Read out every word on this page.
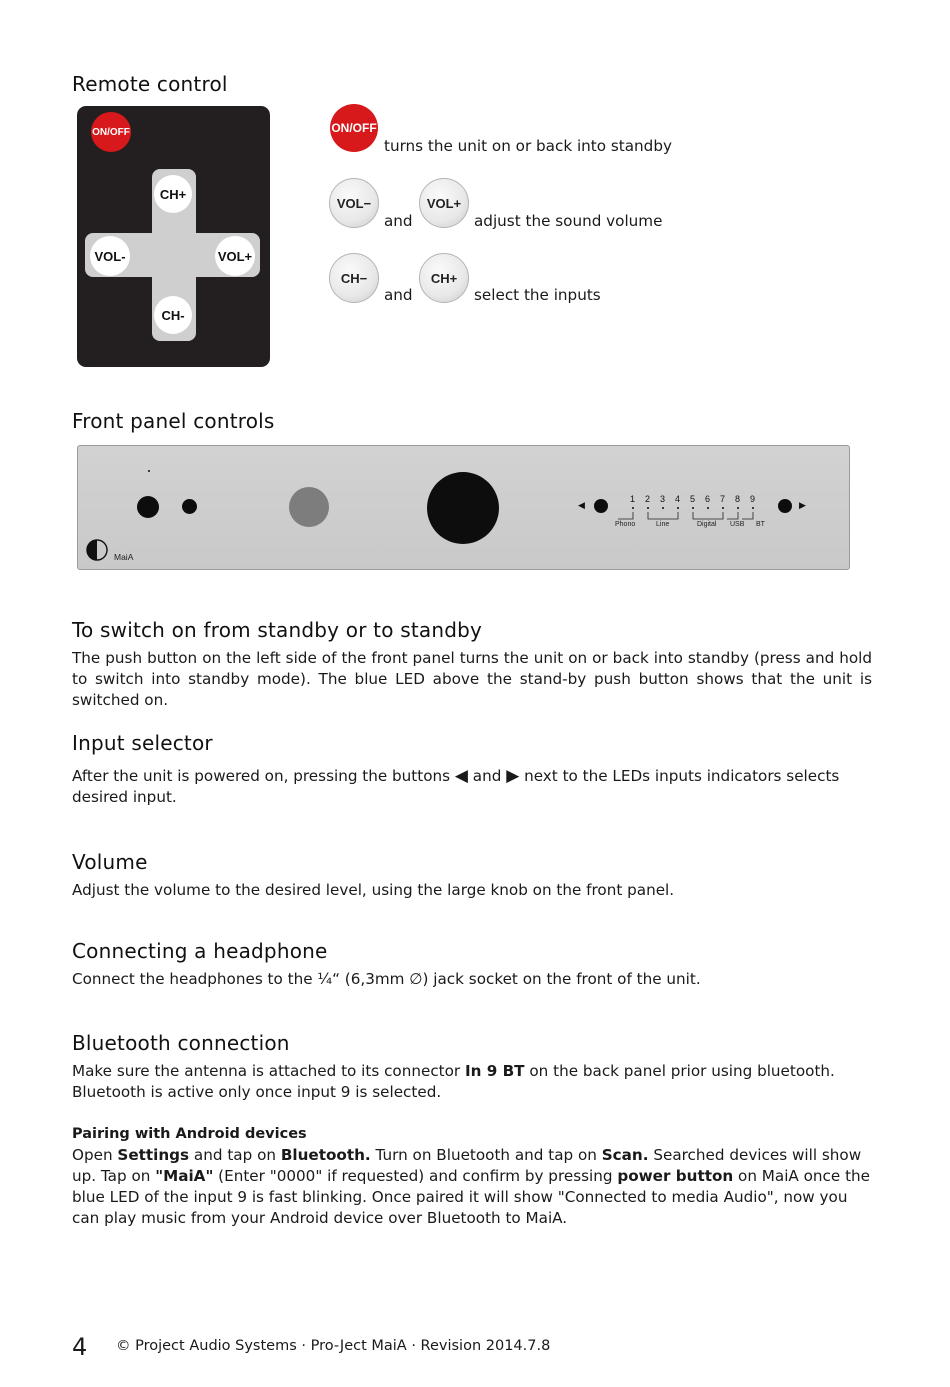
Remote control
ON/OFF
CH+
CH-
VOL-	VOL+
ON/OFF
turns the unit on or back into standby
VOL−
and
VOL+
adjust the sound volume
CH−
and
CH+
select the inputs
Front panel controls
◀	▶
1 2 3 4 5 6 7 8 9
Phono	Line	Digital USB BT
MaiA
To switch on from standby or to standby

The push button on the left side of the front panel turns the unit on or back into standby (press and hold to switch into standby mode). The blue LED above the stand-by push button shows that the unit is switched on.

Input selector

After the unit is powered on, pressing the buttons ◀ and ▶ next to the LEDs inputs indicators selects desired input.

Volume

Adjust the volume to the desired level, using the large knob on the front panel.

Connecting a headphone

Connect the headphones to the ¼“ (6,3mm ∅) jack socket on the front of the unit.

Bluetooth connection

Make sure the antenna is attached to its connector In 9 BT on the back panel prior using bluetooth.
Bluetooth is active only once input 9 is selected.

Pairing with Android devices

Open Settings and tap on Bluetooth. Turn on Bluetooth and tap on Scan. Searched devices will show up. Tap on "MaiA" (Enter "0000" if requested) and confirm by pressing power button on MaiA once the blue LED of the input 9 is fast blinking. Once paired it will show "Connected to media Audio", now you can play music from your Android device over Bluetooth to MaiA.

4 © Project Audio Systems · Pro-Ject MaiA · Revision 2014.7.8
